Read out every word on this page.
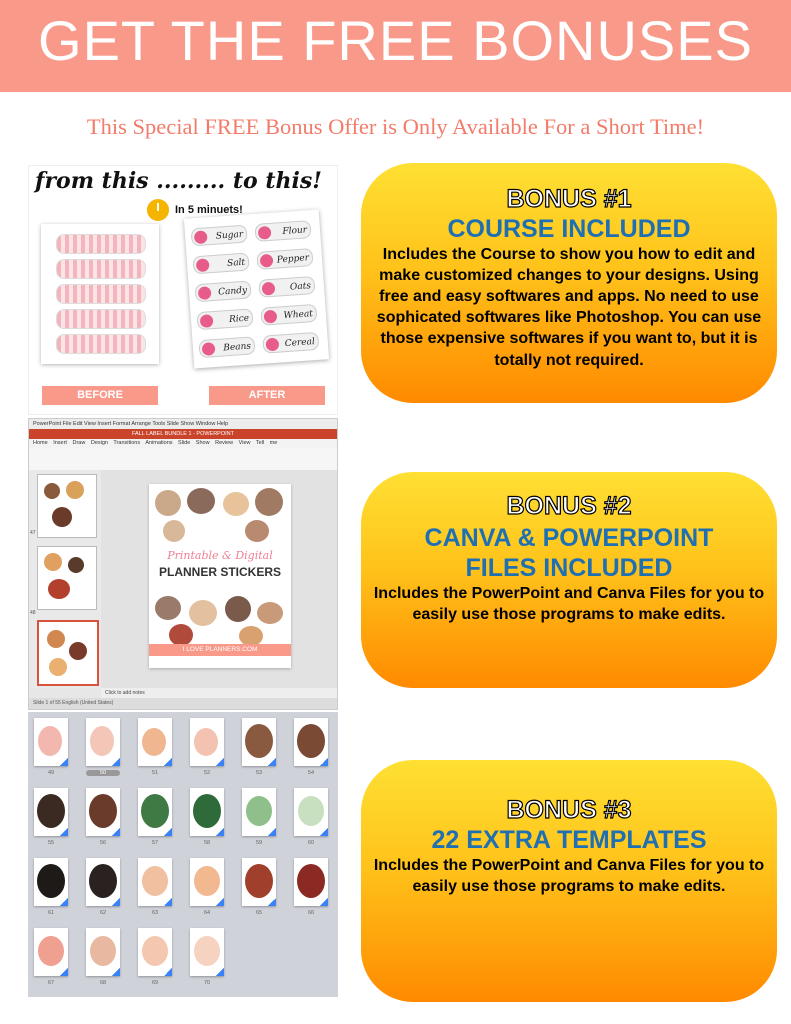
GET THE FREE BONUSES
This Special FREE Bonus Offer is Only Available For a Short Time!
from this ......... to this!
In 5 minuets!
Sugar	Flour
Salt	Pepper
Candy	Oats
Rice	Wheat
Beans	Cereal
BEFORE	AFTER
PowerPoint File Edit View Insert Format Arrange Tools Slide Show Window Help
FALL LABEL BUNDLE 1 - POWERPOINT
Home Insert Draw Design Transitions Animations Slide Show Review View Tell me
47
48
Printable & Digital
PLANNER STICKERS
I LOVE PLANNERS.COM
Click to add notes
Slide 1 of 55 English (United States)
49	50	51	52	53	54
55	56	57	58	59	60
61	62	63	64	65	66
67	68	69	70
BONUS #1
COURSE INCLUDED
Includes the Course to show you how to edit and make customized changes to your designs. Using free and easy softwares and apps. No need to use sophicated softwares like Photoshop. You can use those expensive softwares if you want to, but it is totally not required.
BONUS #2
CANVA & POWERPOINT FILES INCLUDED
Includes the PowerPoint and Canva Files for you to easily use those programs to make edits.
BONUS #3
22 EXTRA TEMPLATES
Includes the PowerPoint and Canva Files for you to easily use those programs to make edits.
